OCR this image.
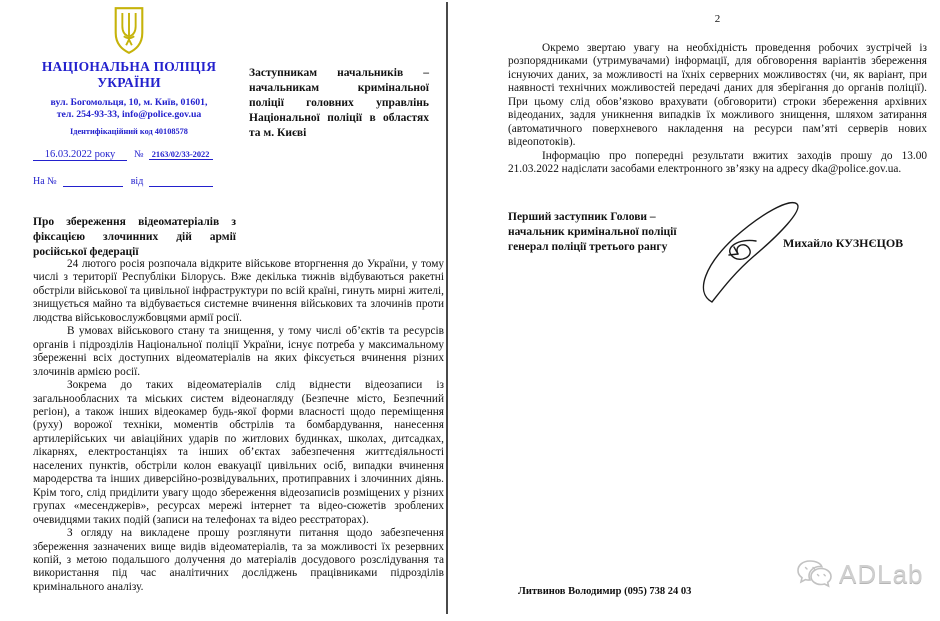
НАЦІОНАЛЬНА ПОЛІЦІЯ
УКРАЇНИ
вул. Богомольця, 10, м. Київ, 01601,
тел. 254-93-33, info@police.gov.ua
Ідентифікаційний код 40108578
16.03.2022 року № 2163/02/33-2022
На №	від
Заступникам начальників – начальникам кримінальної поліції головних управлінь Національної поліції в областях та м. Києві
Про збереження відеоматеріалів з фіксацією злочинних дій армії російської федерації

24 лютого росія розпочала відкрите військове вторгнення до України, у тому числі з території Республіки Білорусь. Вже декілька тижнів відбуваються ракетні обстріли військової та цивільної інфраструктури по всій країні, гинуть мирні жителі, знищується майно та відбувається системне вчинення військових та злочинів проти людства військовослужбовцями армії росії.

В умовах військового стану та знищення, у тому числі об’єктів та ресурсів органів і підрозділів Національної поліції України, існує потреба у максимальному збереженні всіх доступних відеоматеріалів на яких фіксується вчинення різних злочинів армією росії.

Зокрема до таких відеоматеріалів слід віднести відеозаписи із загальнообласних та міських систем відеонагляду (Безпечне місто, Безпечний регіон), а також інших відеокамер будь-якої форми власності щодо переміщення (руху) ворожої техніки, моментів обстрілів та бомбардування, нанесення артилерійських чи авіаційних ударів по житлових будинках, школах, дитсадках, лікарнях, електростанціях та інших об’єктах забезпечення життєдіяльності населених пунктів, обстріли колон евакуації цивільних осіб, випадки вчинення мародерства та інших диверсійно-розвідувальних, протиправних і злочинних діянь. Крім того, слід приділити увагу щодо збереження відеозаписів розміщених у різних групах «месенджерів», ресурсах мережі інтернет та відео-сюжетів зроблених очевидцями таких подій (записи на телефонах та відео реєстраторах).

З огляду на викладене прошу розглянути питання щодо забезпечення збереження зазначених вище видів відеоматеріалів, та за можливості їх резервних копій, з метою подальшого долучення до матеріалів досудового розслідування та використання під час аналітичних досліджень працівниками підрозділів кримінального аналізу.

2

Окремо звертаю увагу на необхідність проведення робочих зустрічей із розпорядниками (утримувачами) інформації, для обговорення варіантів збереження існуючих даних, за можливості на їхніх серверних можливостях (чи, як варіант, при наявності технічних можливостей передачі даних для зберігання до органів поліції). При цьому слід обов’язково врахувати (обговорити) строки збереження архівних відеоданих, задля уникнення випадків їх можливого знищення, шляхом затирання (автоматичного поверхневого накладення на ресурси пам’яті серверів нових відеопотоків).

Інформацію про попередні результати вжитих заходів прошу до 13.00 21.03.2022 надіслати засобами електронного зв’язку на адресу dka@police.gov.ua.

Перший заступник Голови –
начальник кримінальної поліції
генерал поліції третього рангу	Михайло КУЗНЄЦОВ
Литвинов Володимир (095) 738 24 03
ADLab
